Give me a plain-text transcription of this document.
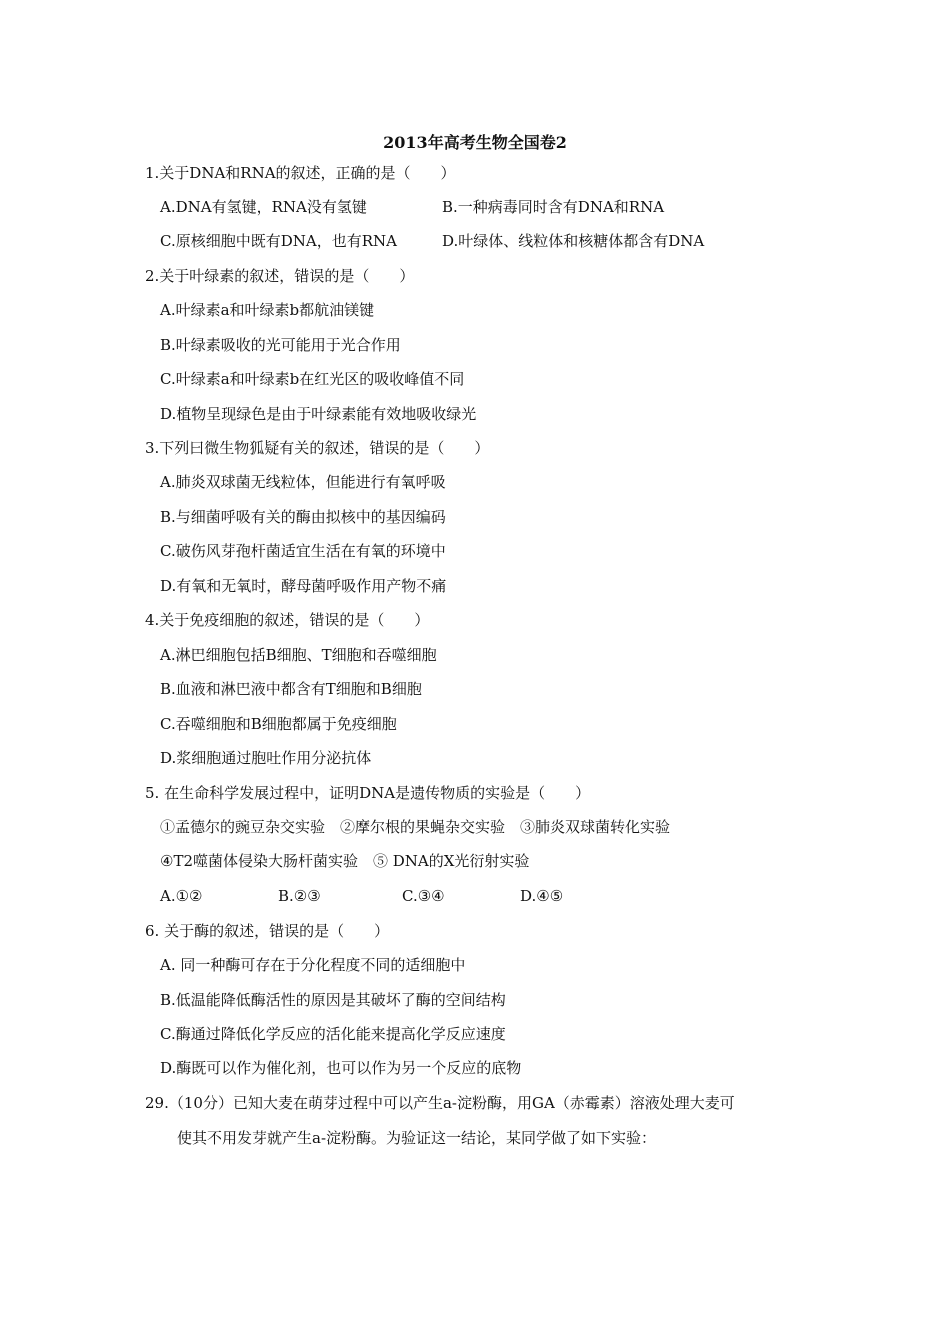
2013年高考生物全国卷2
1.关于DNA和RNA的叙述，正确的是（　　）
A.DNA有氢键，RNA没有氢键	B.一种病毒同时含有DNA和RNA
C.原核细胞中既有DNA，也有RNA	D.叶绿体、线粒体和核糖体都含有DNA
2.关于叶绿素的叙述，错误的是（　　）
A.叶绿素a和叶绿素b都航油镁键
B.叶绿素吸收的光可能用于光合作用
C.叶绿素a和叶绿素b在红光区的吸收峰值不同
D.植物呈现绿色是由于叶绿素能有效地吸收绿光
3.下列曰微生物狐疑有关的叙述，错误的是（　　）
A.肺炎双球菌无线粒体，但能进行有氧呼吸
B.与细菌呼吸有关的酶由拟核中的基因编码
C.破伤风芽孢杆菌适宜生活在有氧的环境中
D.有氧和无氧时，酵母菌呼吸作用产物不痛
4.关于免疫细胞的叙述，错误的是（　　）
A.淋巴细胞包括B细胞、T细胞和吞噬细胞
B.血液和淋巴液中都含有T细胞和B细胞
C.吞噬细胞和B细胞都属于免疫细胞
D.浆细胞通过胞吐作用分泌抗体
5. 在生命科学发展过程中，证明DNA是遗传物质的实验是（　　）
①孟德尔的豌豆杂交实验　②摩尔根的果蝇杂交实验　③肺炎双球菌转化实验
④T2噬菌体侵染大肠杆菌实验　⑤ DNA的X光衍射实验
A.①②	B.②③	C.③④	D.④⑤
6. 关于酶的叙述，错误的是（　　）
A. 同一种酶可存在于分化程度不同的适细胞中
B.低温能降低酶活性的原因是其破坏了酶的空间结构
C.酶通过降低化学反应的活化能来提高化学反应速度
D.酶既可以作为催化剂，也可以作为另一个反应的底物
29.（10分）已知大麦在萌芽过程中可以产生a-淀粉酶，用GA（赤霉素）溶液处理大麦可
使其不用发芽就产生a-淀粉酶。为验证这一结论，某同学做了如下实验：
